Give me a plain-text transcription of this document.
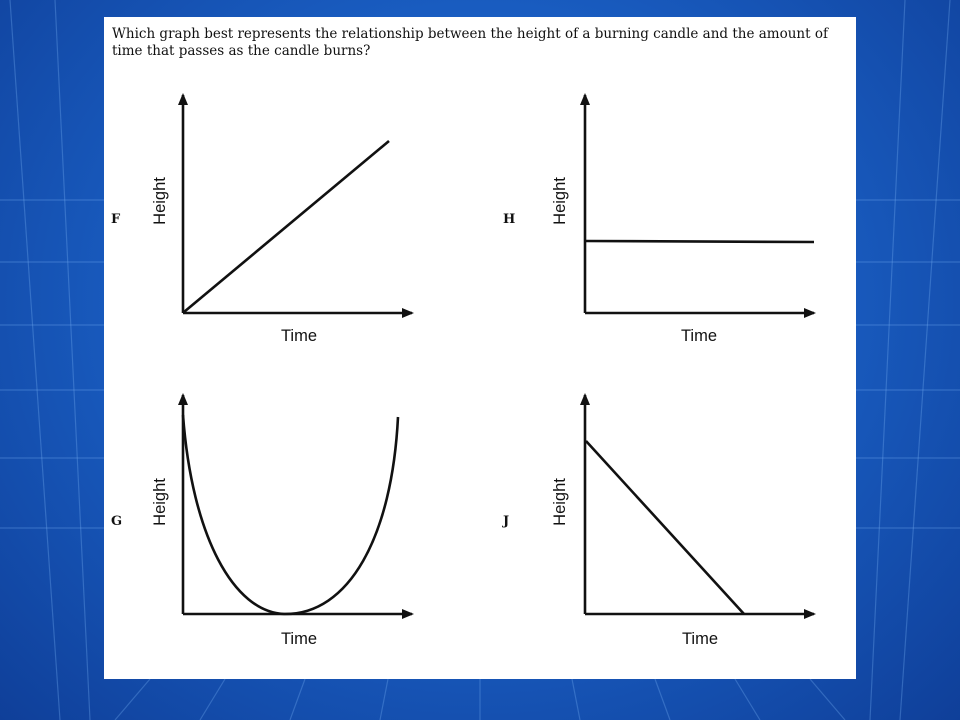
Which graph best represents the relationship between the height of a burning candle and the amount of time that passes as the candle burns?

F Height
Time
H Height
Time
G Height
Time
J	Height
Time
